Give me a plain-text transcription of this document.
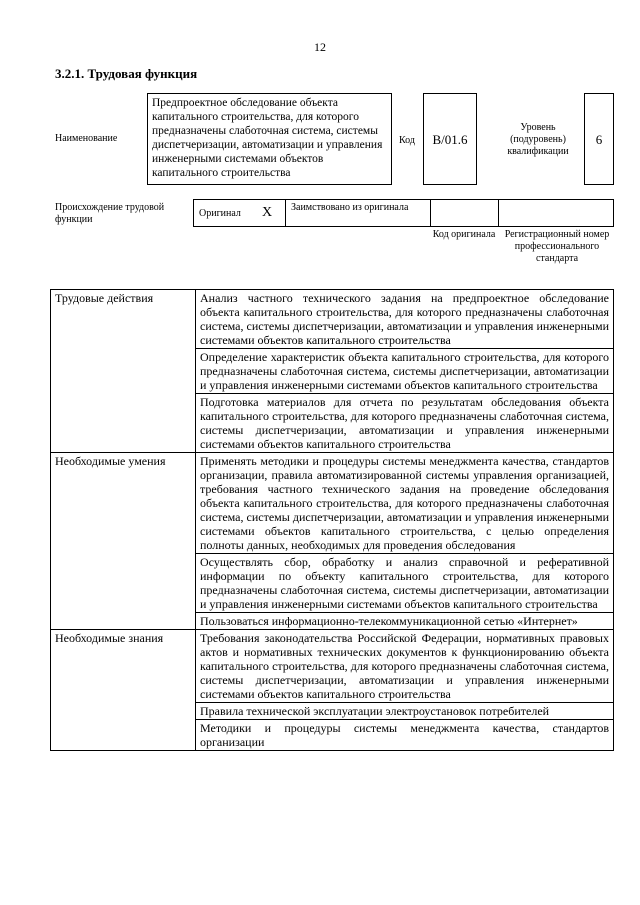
12
3.2.1. Трудовая функция
Наименование
Предпроектное обследование объекта капитального строительства, для которого предназначены слаботочная система, системы диспетчеризации, автоматизации и управления инженерными системами объектов капитального строительства
Код	B/01.6
Уровень (подуровень) квалификации
6
Происхождение трудовой функции
Оригинал X Заимствовано из оригинала
Код оригинала Регистрационный номер профессионального стандарта
Трудовые действия	Анализ частного технического задания на предпроектное обследование объекта капитального строительства, для которого предназначены слаботочная система, системы диспетчеризации, автоматизации и управления инженерными системами объектов капитального строительства
	Определение характеристик объекта капитального строительства, для которого предназначены слаботочная система, системы диспетчеризации, автоматизации и управления инженерными системами объектов капитального строительства
	Подготовка материалов для отчета по результатам обследования объекта капитального строительства, для которого предназначены слаботочная система, системы диспетчеризации, автоматизации и управления инженерными системами объектов капитального строительства
Необходимые умения	Применять методики и процедуры системы менеджмента качества, стандартов организации, правила автоматизированной системы управления организацией, требования частного технического задания на проведение обследования объекта капитального строительства, для которого предназначены слаботочная система, системы диспетчеризации, автоматизации и управления инженерными системами объектов капитального строительства, с целью определения полноты данных, необходимых для проведения обследования
	Осуществлять сбор, обработку и анализ справочной и реферативной информации по объекту капитального строительства, для которого предназначены слаботочная система, системы диспетчеризации, автоматизации и управления инженерными системами объектов капитального строительства
	Пользоваться информационно-телекоммуникационной сетью «Интернет»
Необходимые знания	Требования законодательства Российской Федерации, нормативных правовых актов и нормативных технических документов к функционированию объекта капитального строительства, для которого предназначены слаботочная система, системы диспетчеризации, автоматизации и управления инженерными системами объектов капитального строительства
	Правила технической эксплуатации электроустановок потребителей
	Методики и процедуры системы менеджмента качества, стандартов организации
